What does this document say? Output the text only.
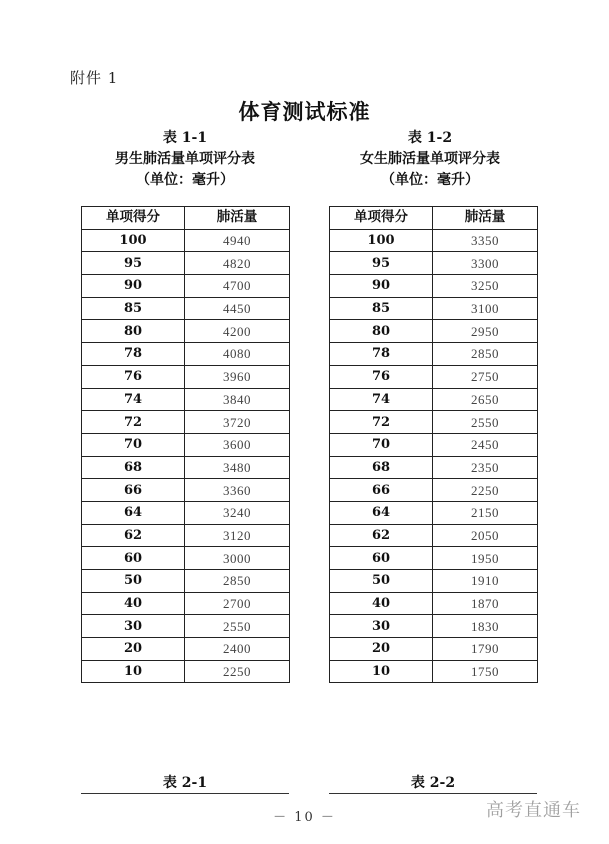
附件 1
体育测试标准
表 1-1
男生肺活量单项评分表
（单位：毫升）
表 1-2
女生肺活量单项评分表
（单位：毫升）
单项得分	肺活量
100	4940
95	4820
90	4700
85	4450
80	4200
78	4080
76	3960
74	3840
72	3720
70	3600
68	3480
66	3360
64	3240
62	3120
60	3000
50	2850
40	2700
30	2550
20	2400
10	2250
单项得分	肺活量
100	3350
95	3300
90	3250
85	3100
80	2950
78	2850
76	2750
74	2650
72	2550
70	2450
68	2350
66	2250
64	2150
62	2050
60	1950
50	1910
40	1870
30	1830
20	1790
10	1750
表 2-1	表 2-2
－ 10 －	高考直通车
